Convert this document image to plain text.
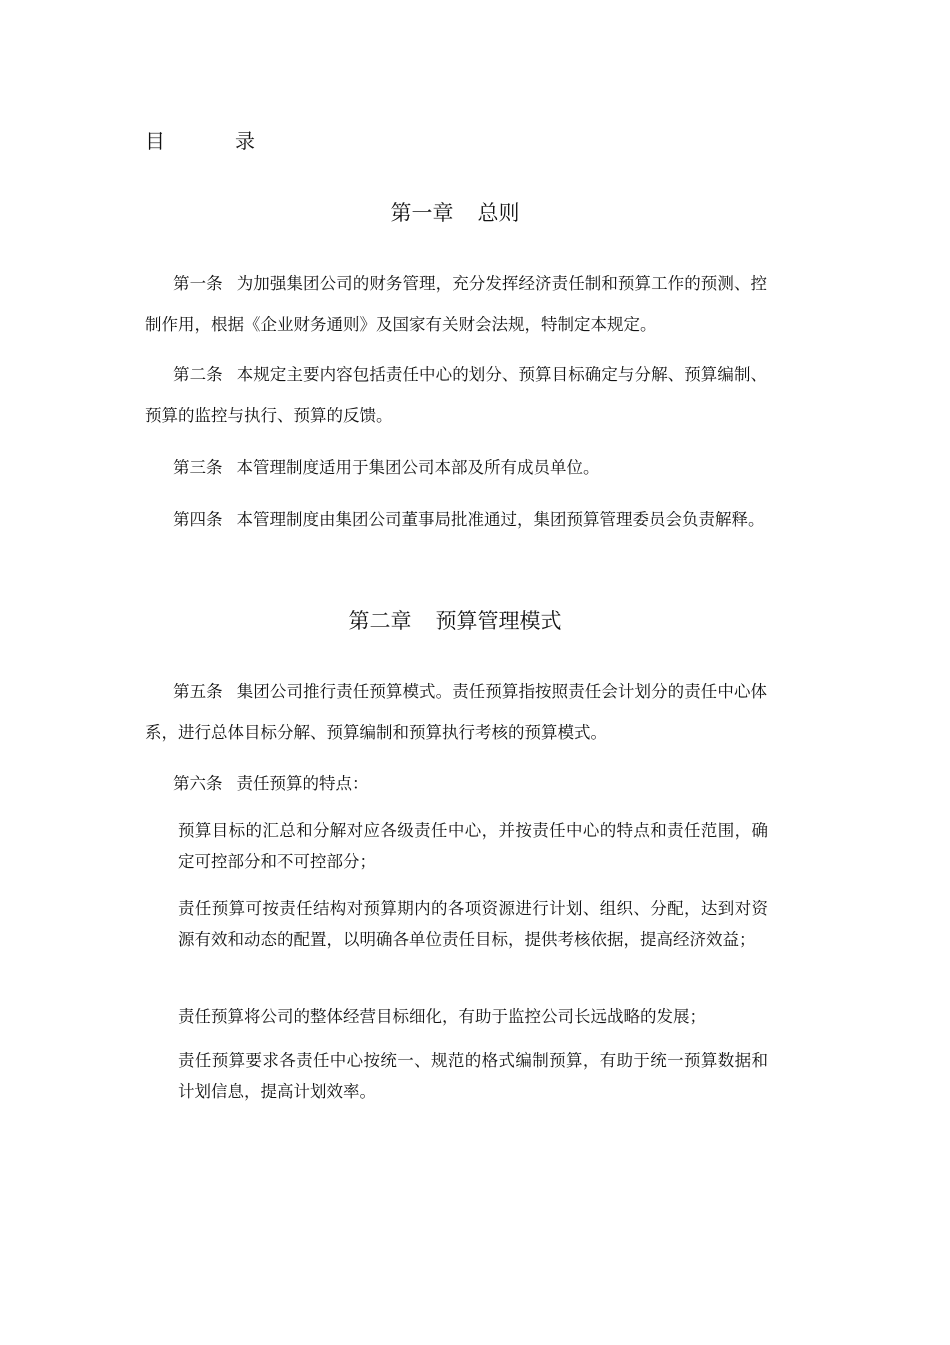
目	录
第一章 总则
第一条 为加强集团公司的财务管理，充分发挥经济责任制和预算工作的预测、控制作用，根据《企业财务通则》及国家有关财会法规，特制定本规定。
第二条 本规定主要内容包括责任中心的划分、预算目标确定与分解、预算编制、预算的监控与执行、预算的反馈。
第三条 本管理制度适用于集团公司本部及所有成员单位。
第四条 本管理制度由集团公司董事局批准通过，集团预算管理委员会负责解释。
第二章 预算管理模式
第五条 集团公司推行责任预算模式。责任预算指按照责任会计划分的责任中心体系，进行总体目标分解、预算编制和预算执行考核的预算模式。
第六条 责任预算的特点：
预算目标的汇总和分解对应各级责任中心，并按责任中心的特点和责任范围，确定可控部分和不可控部分；
责任预算可按责任结构对预算期内的各项资源进行计划、组织、分配，达到对资源有效和动态的配置，以明确各单位责任目标，提供考核依据，提高经济效益；
责任预算将公司的整体经营目标细化，有助于监控公司长远战略的发展；
责任预算要求各责任中心按统一、规范的格式编制预算，有助于统一预算数据和计划信息，提高计划效率。
